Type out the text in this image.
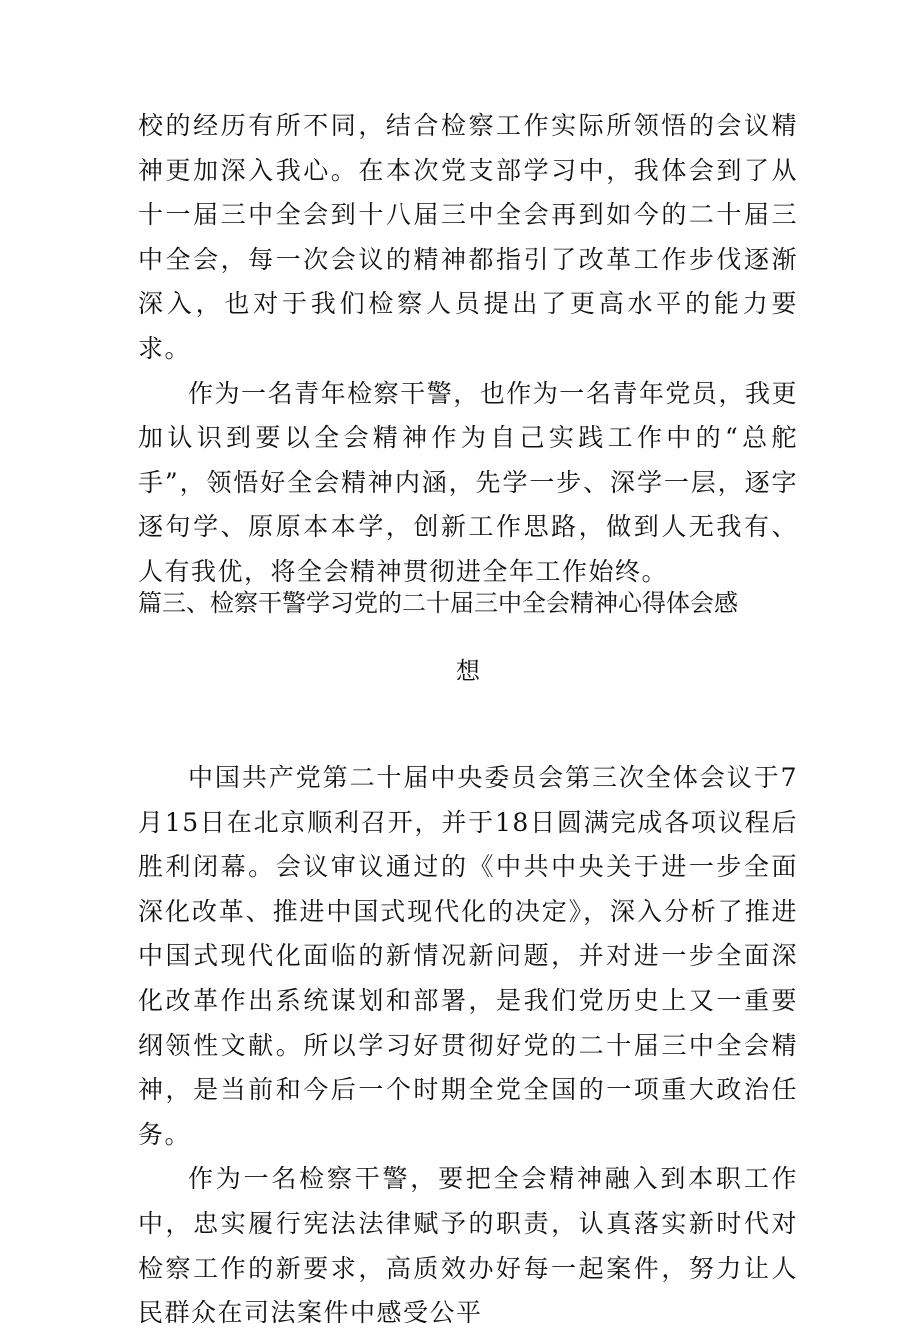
校的经历有所不同，结合检察工作实际所领悟的会议精神更加深入我心。在本次党支部学习中，我体会到了从十一届三中全会到十八届三中全会再到如今的二十届三中全会，每一次会议的精神都指引了改革工作步伐逐渐深入，也对于我们检察人员提出了更高水平的能力要求。

作为一名青年检察干警，也作为一名青年党员，我更加认识到要以全会精神作为自己实践工作中的“总舵手”，领悟好全会精神内涵，先学一步、深学一层，逐字逐句学、原原本本学，创新工作思路，做到人无我有、人有我优，将全会精神贯彻进全年工作始终。

篇三、检察干警学习党的二十届三中全会精神心得体会感
想

中国共产党第二十届中央委员会第三次全体会议于7月15日在北京顺利召开，并于18日圆满完成各项议程后胜利闭幕。会议审议通过的《中共中央关于进一步全面深化改革、推进中国式现代化的决定》，深入分析了推进中国式现代化面临的新情况新问题，并对进一步全面深化改革作出系统谋划和部署，是我们党历史上又一重要纲领性文献。所以学习好贯彻好党的二十届三中全会精神，是当前和今后一个时期全党全国的一项重大政治任务。

作为一名检察干警，要把全会精神融入到本职工作中，忠实履行宪法法律赋予的职责，认真落实新时代对检察工作的新要求，高质效办好每一起案件，努力让人民群众在司法案件中感受公平
